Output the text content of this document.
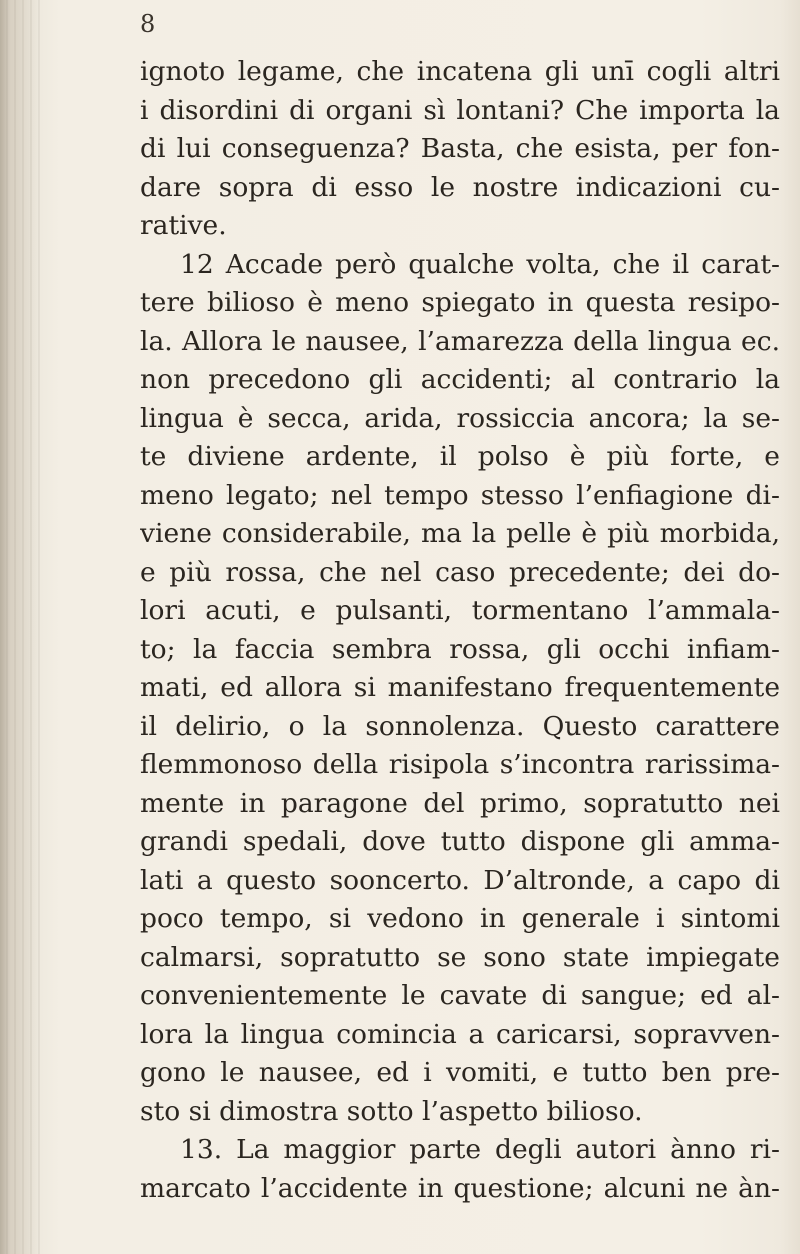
8
ignoto legame, che incatena gli unī cogli altri
i disordini di organi sì lontani? Che importa la
di lui conseguenza? Basta, che esista, per fon-
dare sopra di esso le nostre indicazioni cu-
rative.
12 Accade però qualche volta, che il carat-
tere bilioso è meno spiegato in questa resipo-
la. Allora le nausee, l’amarezza della lingua ec.
non precedono gli accidenti; al contrario la
lingua è secca, arida, rossiccia ancora; la se-
te diviene ardente, il polso è più forte, e
meno legato; nel tempo stesso l’enfiagione di-
viene considerabile, ma la pelle è più morbida,
e più rossa, che nel caso precedente; dei do-
lori acuti, e pulsanti, tormentano l’ammala-
to; la faccia sembra rossa, gli occhi infiam-
mati, ed allora si manifestano frequentemente
il delirio, o la sonnolenza. Questo carattere
flemmonoso della risipola s’incontra rarissima-
mente in paragone del primo, sopratutto nei
grandi spedali, dove tutto dispone gli amma-
lati a questo sooncerto. D’altronde, a capo di
poco tempo, si vedono in generale i sintomi
calmarsi, sopratutto se sono state impiegate
convenientemente le cavate di sangue; ed al-
lora la lingua comincia a caricarsi, sopravven-
gono le nausee, ed i vomiti, e tutto ben pre-
sto si dimostra sotto l’aspetto bilioso.
13. La maggior parte degli autori ànno ri-
marcato l’accidente in questione; alcuni ne àn-
